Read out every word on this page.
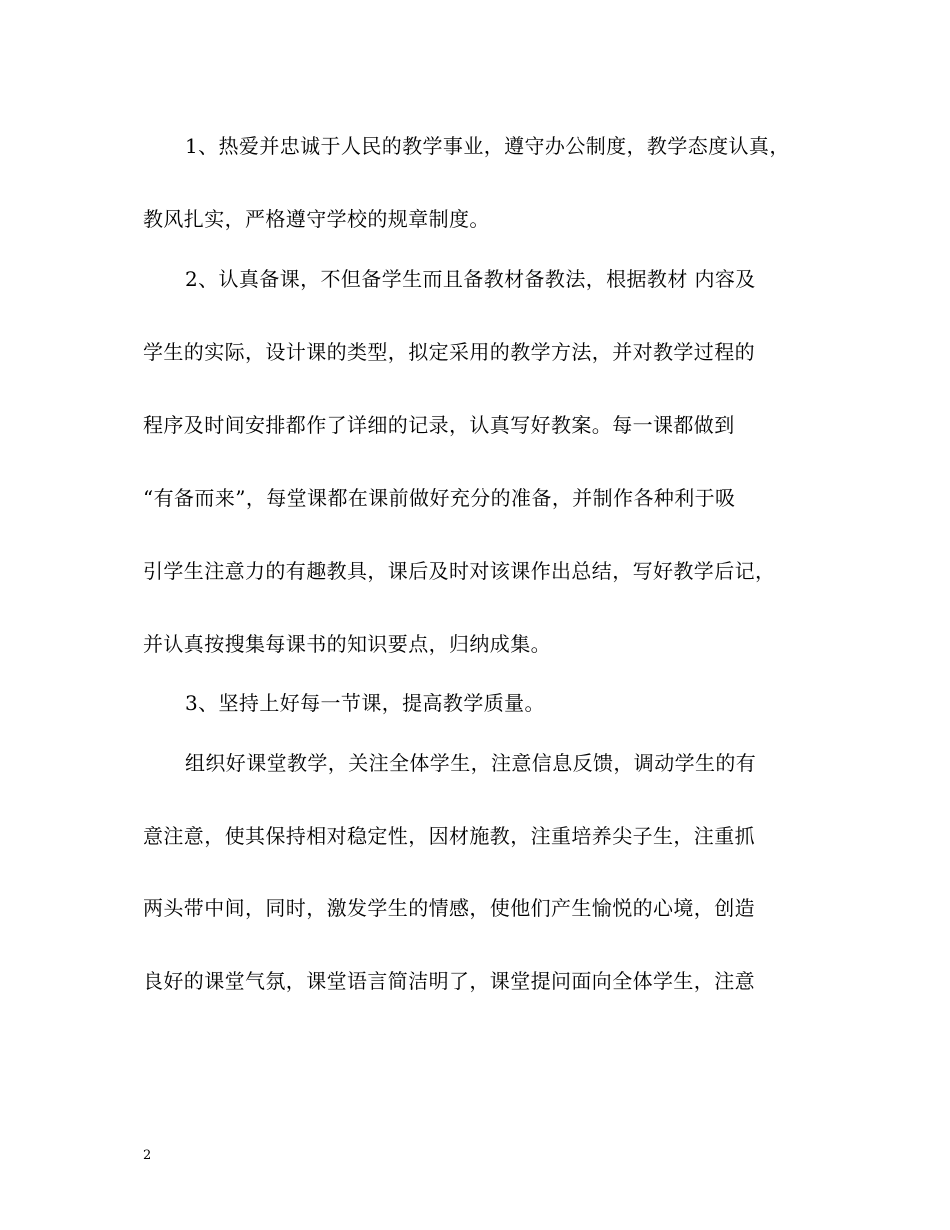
1、热爱并忠诚于人民的教学事业，遵守办公制度，教学态度认真，
教风扎实，严格遵守学校的规章制度。
2、认真备课，不但备学生而且备教材备教法，根据教材 内容及
学生的实际，设计课的类型，拟定采用的教学方法，并对教学过程的
程序及时间安排都作了详细的记录，认真写好教案。每一课都做到
“有备而来”，每堂课都在课前做好充分的准备，并制作各种利于吸
引学生注意力的有趣教具，课后及时对该课作出总结，写好教学后记，
并认真按搜集每课书的知识要点，归纳成集。
3、坚持上好每一节课，提高教学质量。
组织好课堂教学，关注全体学生，注意信息反馈，调动学生的有
意注意，使其保持相对稳定性，因材施教，注重培养尖子生，注重抓
两头带中间，同时，激发学生的情感，使他们产生愉悦的心境，创造
良好的课堂气氛，课堂语言简洁明了，课堂提问面向全体学生，注意
2
